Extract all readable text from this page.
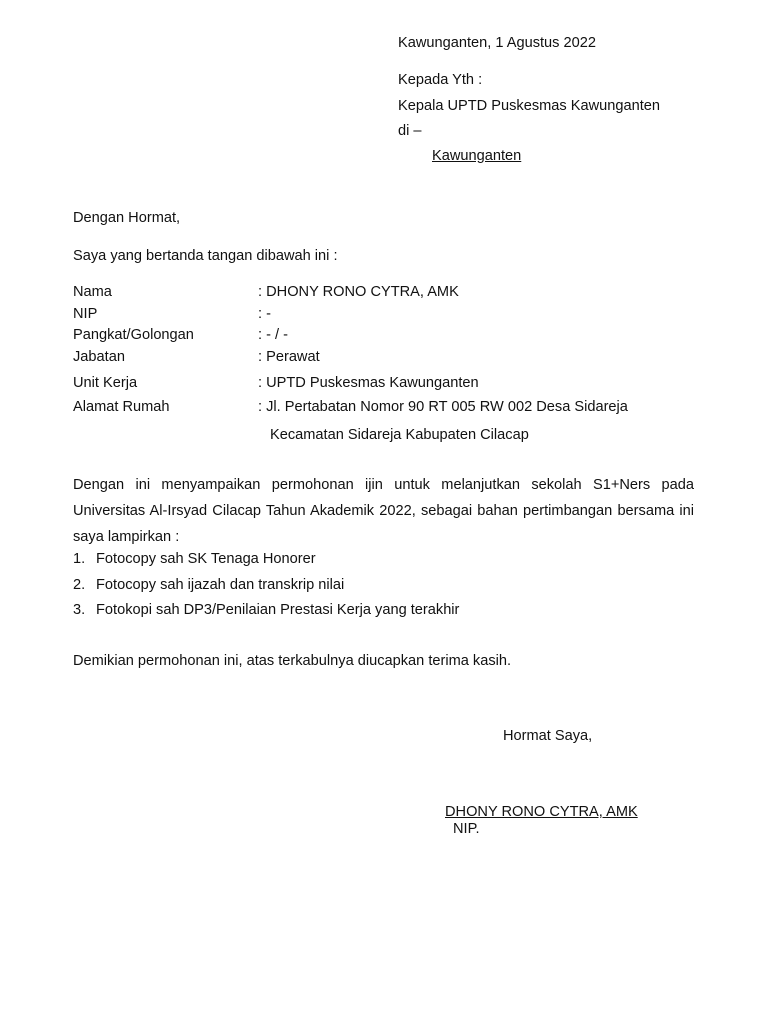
Kawunganten, 1 Agustus 2022
Kepada Yth :
Kepala UPTD Puskesmas Kawunganten
di –
Kawunganten
Dengan Hormat,
Saya yang bertanda tangan dibawah ini :
Nama	: DHONY RONO CYTRA, AMK
NIP	: -
Pangkat/Golongan	: - / -
Jabatan	: Perawat
Unit Kerja	: UPTD Puskesmas Kawunganten
Alamat Rumah	: Jl. Pertabatan Nomor 90 RT 005 RW 002 Desa Sidareja
Kecamatan Sidareja Kabupaten Cilacap
Dengan ini menyampaikan permohonan ijin untuk melanjutkan sekolah S1+Ners pada Universitas Al-Irsyad Cilacap Tahun Akademik 2022, sebagai bahan pertimbangan bersama ini saya lampirkan :
1. Fotocopy sah SK Tenaga Honorer
2. Fotocopy sah ijazah dan transkrip nilai
3. Fotokopi sah DP3/Penilaian Prestasi Kerja yang terakhir
Demikian permohonan ini, atas terkabulnya diucapkan terima kasih.
Hormat Saya,
DHONY RONO CYTRA, AMK
NIP.
